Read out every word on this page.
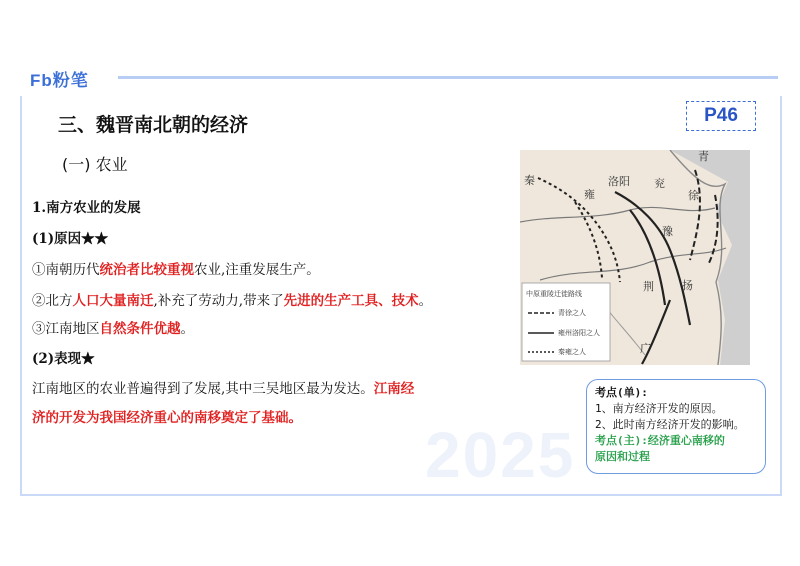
Fb粉笔
2025
三、魏晋南北朝的经济	P46
(一) 农业
1.南方农业的发展
(1)原因★★
①南朝历代统治者比较重视农业,注重发展生产。
②北方人口大量南迁,补充了劳动力,带来了先进的生产工具、技术。
③江南地区自然条件优越。
(2)表现★
江南地区的农业普遍得到了发展,其中三吴地区最为发达。江南经
济的开发为我国经济重心的南移奠定了基础。
青
秦
雍
洛阳 兖
徐
豫
荆	扬
广
中原重陵迁徙路线
青徐之人
雍州洛阳之人
秦雍之人
考点(单):
1、南方经济开发的原因。
2、此时南方经济开发的影响。
考点(主):经济重心南移的
原因和过程
